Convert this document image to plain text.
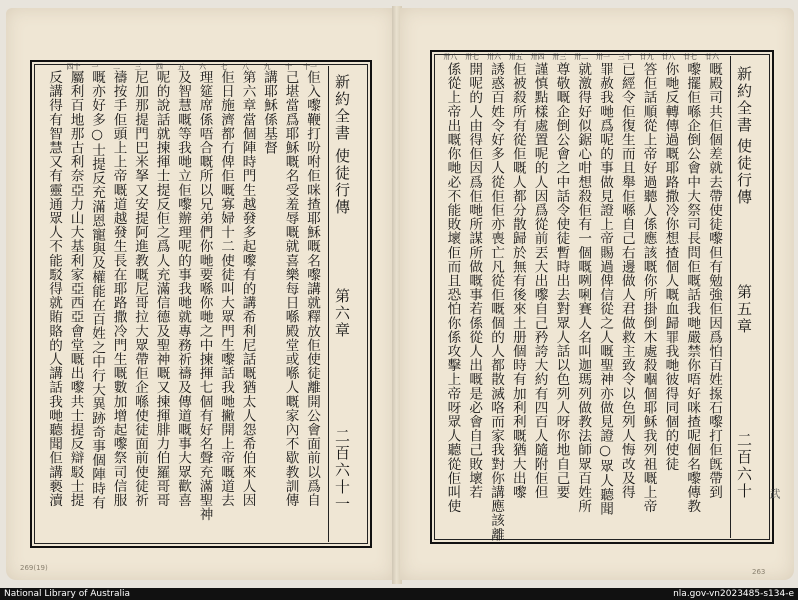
新約全書
使徒行傳
第六章
二百六十一
佢入嚟鞭打吩咐佢咪揸耶穌嘅名嚟講就釋放佢使徒離開公會面前以爲自
己堪當爲耶穌嘅名受羞辱嘅就喜樂每日喺殿堂或喺人嘅家內不歇教訓傳
講耶穌係基督
第六章當個陣時門生越發多起嚟有的講希利尼話嘅猶太人怨希伯來人因
佢日施濟都冇俾佢嘅寡婦十二使徒叫大眾門生嚟話我哋撇開上帝嘅道去
理筵席係唔合嘅所以兄弟們你哋要喺你哋之中揀揮七個有好名聲充滿聖神
及智慧嘅等我哋立佢嚟辦理呢的事我哋就專務祈禱及傳道嘅事大眾歡喜
呢的說話就揀揮士提反佢之爲人充滿信德及聖神嘅又揀揮腓力伯羅哥哥
尼加那提門巴米拏又安提阿進教嘅尼哥拉大眾帶佢企喺使徒面前使徒祈
禱按手佢頭上上帝嘅道越發生長在耶路撒冷門生嘅數加增起嚟祭司信服
嘅亦好多○士提反充滿恩寵與及權能在百姓之中行大異跡奇事個陣時有
屬利百地那古利奈亞力山大基利家亞西亞會堂嘅出嚟共士提反辯駁士提
反講得有智慧又有靈通眾人不能駁得就賄賂的人講話我哋聽聞佢講褻瀆
十一
十
九
八
七
六
五
四
三
二
一
四十
269(19)
新約全書
使徒行傳
第五章
二百六十 武
嘅殿司共佢個差就去帶使徒嚟但有勉強佢因爲怕百姓揼石嚟打佢旣帶到
嚟擺佢喺企倒公會中大祭司長問佢嘅話我哋嚴禁你唔好咪揸呢個名嚟傳教
你哋反轉傳過嘅耶路撒冷你想揸個人嘅血歸罪我哋彼得同個的使徒
答佢話順從上帝好過聽人係應該嘅你所掛倒木處殺嗰個耶穌我列祖嘅上帝
已經令佢復生而且舉佢喺自己右邊做人君做救主致令以色列人悔改及得
罪赦我哋爲呢的事做見證上帝賜過俾信從之人嘅聖神亦做見證○眾人聽聞
就激得好似鋸心咁想殺佢有一個嘅咧唎賽人名叫迦瑪列做教法師眾百姓所
尊敬嘅企倒公會之中話令使徒暫時出去對眾人話以色列人呀你地自己要
謹慎點樣處置呢的人因爲從前丟大出嚟自己矜誇大約有四百人隨附佢但
佢被殺所有從佢嘅人都分散歸於無有後來土册個時有加利利嘅猶大出嚟
誘惑百姓令好多人從佢佢亦喪亡凡從佢嘅個的人都散滅咯而家我對你講應該離
開呢的人由得佢因爲佢哋所謀所做嘅事若係從人出嘅是必會自己敗壞若
係從上帝出嘅你哋必不能敗壞佢而且恐怕你係攻擊上帝呀眾人聽從佢叫使
廿六
廿七
廿八
廿九
三十
卅一
卅二
卅三
卅四
卅五
卅六
卅七
卅八
263
National Library of Australia	nla.gov-vn2023485-s134-e
